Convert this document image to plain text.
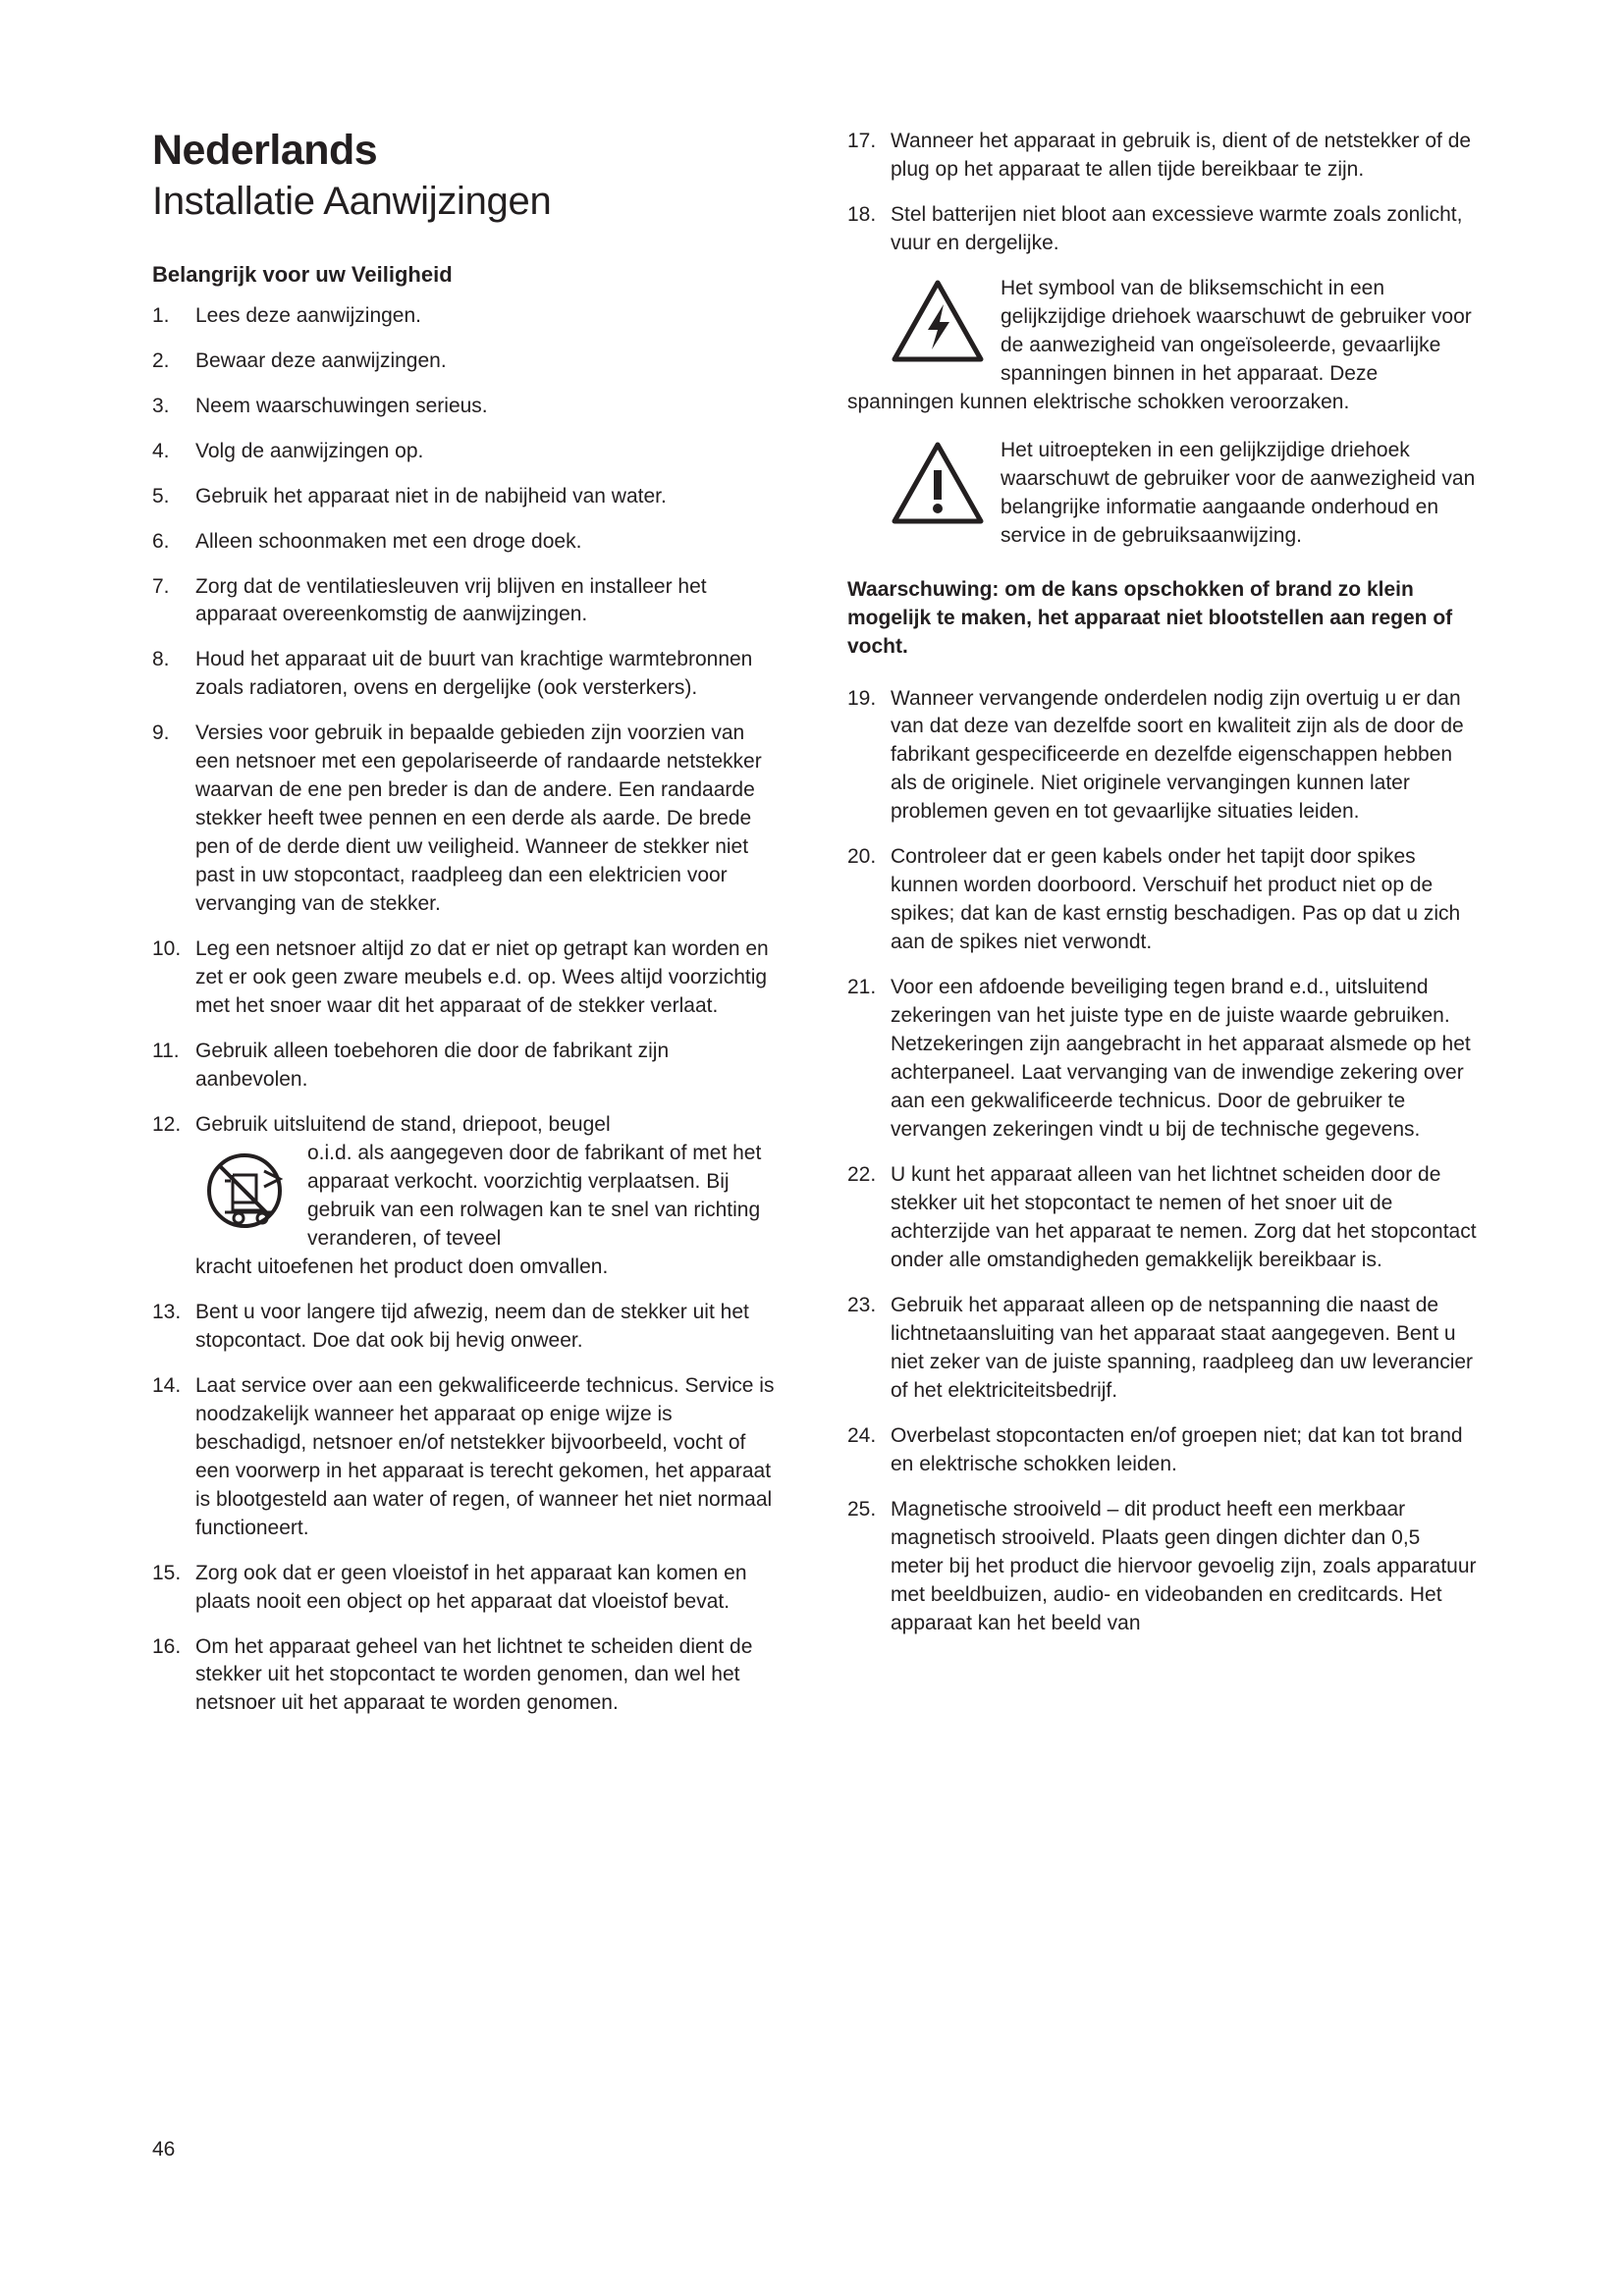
Nederlands
Installatie Aanwijzingen
Belangrijk voor uw Veiligheid
1.	Lees deze aanwijzingen.
2.	Bewaar deze aanwijzingen.
3.	Neem waarschuwingen serieus.
4.	Volg de aanwijzingen op.
5.	Gebruik het apparaat niet in de nabijheid van water.
6.	Alleen schoonmaken met een droge doek.
7.	Zorg dat de ventilatiesleuven vrij blijven en installeer het apparaat overeenkomstig de aanwijzingen.
8.	Houd het apparaat uit de buurt van krachtige warmtebronnen zoals radiatoren, ovens en dergelijke (ook versterkers).
9.	Versies voor gebruik in bepaalde gebieden zijn voorzien van een netsnoer met een gepolariseerde of randaarde netstekker waarvan de ene pen breder is dan de andere. Een randaarde stekker heeft twee pennen en een derde als aarde. De brede pen of de derde dient uw veiligheid. Wanneer de stekker niet past in uw stopcontact, raadpleeg dan een elektricien voor vervanging van de stekker.
10. Leg een netsnoer altijd zo dat er niet op getrapt kan worden en zet er ook geen zware meubels e.d. op. Wees altijd voorzichtig met het snoer waar dit het apparaat of de stekker verlaat.
11. Gebruik alleen toebehoren die door de fabrikant zijn aanbevolen.
12. Gebruik uitsluitend de stand, driepoot, beugel
o.i.d. als aangegeven door de fabrikant of met het apparaat verkocht. voorzichtig verplaatsen. Bij gebruik van een rolwagen kan te snel van richting veranderen, of teveel
kracht uitoefenen het product doen omvallen.
13. Bent u voor langere tijd afwezig, neem dan de stekker uit het stopcontact. Doe dat ook bij hevig onweer.
14. Laat service over aan een gekwalificeerde technicus. Service is noodzakelijk wanneer het apparaat op enige wijze is beschadigd, netsnoer en/of netstekker bijvoorbeeld, vocht of een voorwerp in het apparaat is terecht gekomen, het apparaat is blootgesteld aan water of regen, of wanneer het niet normaal functioneert.
15. Zorg ook dat er geen vloeistof in het apparaat kan komen en plaats nooit een object op het apparaat dat vloeistof bevat.
16. Om het apparaat geheel van het lichtnet te scheiden dient de stekker uit het stopcontact te worden genomen, dan wel het netsnoer uit het apparaat te worden genomen.
17. Wanneer het apparaat in gebruik is, dient of de netstekker of de plug op het apparaat te allen tijde bereikbaar te zijn.
18. Stel batterijen niet bloot aan excessieve warmte zoals zonlicht, vuur en dergelijke.
Het symbool van de bliksemschicht in een gelijkzijdige driehoek waarschuwt de gebruiker voor de aanwezigheid van ongeïsoleerde, gevaarlijke spanningen binnen in het apparaat. Deze spanningen kunnen elektrische schokken veroorzaken.
Het uitroepteken in een gelijkzijdige driehoek waarschuwt de gebruiker voor de aanwezigheid van belangrijke informatie aangaande onderhoud en service in de gebruiksaanwijzing.
Waarschuwing: om de kans opschokken of brand zo klein mogelijk te maken, het apparaat niet blootstellen aan regen of vocht.
19. Wanneer vervangende onderdelen nodig zijn overtuig u er dan van dat deze van dezelfde soort en kwaliteit zijn als de door de fabrikant gespecificeerde en dezelfde eigenschappen hebben als de originele. Niet originele vervangingen kunnen later problemen geven en tot gevaarlijke situaties leiden.
20. Controleer dat er geen kabels onder het tapijt door spikes kunnen worden doorboord. Verschuif het product niet op de spikes; dat kan de kast ernstig beschadigen. Pas op dat u zich aan de spikes niet verwondt.
21. Voor een afdoende beveiliging tegen brand e.d., uitsluitend zekeringen van het juiste type en de juiste waarde gebruiken. Netzekeringen zijn aangebracht in het apparaat alsmede op het achterpaneel. Laat vervanging van de inwendige zekering over aan een gekwalificeerde technicus. Door de gebruiker te vervangen zekeringen vindt u bij de technische gegevens.
22. U kunt het apparaat alleen van het lichtnet scheiden door de stekker uit het stopcontact te nemen of het snoer uit de achterzijde van het apparaat te nemen. Zorg dat het stopcontact onder alle omstandigheden gemakkelijk bereikbaar is.
23. Gebruik het apparaat alleen op de netspanning die naast de lichtnetaansluiting van het apparaat staat aangegeven. Bent u niet zeker van de juiste spanning, raadpleeg dan uw leverancier of het elektriciteitsbedrijf.
24. Overbelast stopcontacten en/of groepen niet; dat kan tot brand en elektrische schokken leiden.
25. Magnetische strooiveld – dit product heeft een merkbaar magnetisch strooiveld. Plaats geen dingen dichter dan 0,5 meter bij het product die hiervoor gevoelig zijn, zoals apparatuur met beeldbuizen, audio- en videobanden en creditcards. Het apparaat kan het beeld van
46
